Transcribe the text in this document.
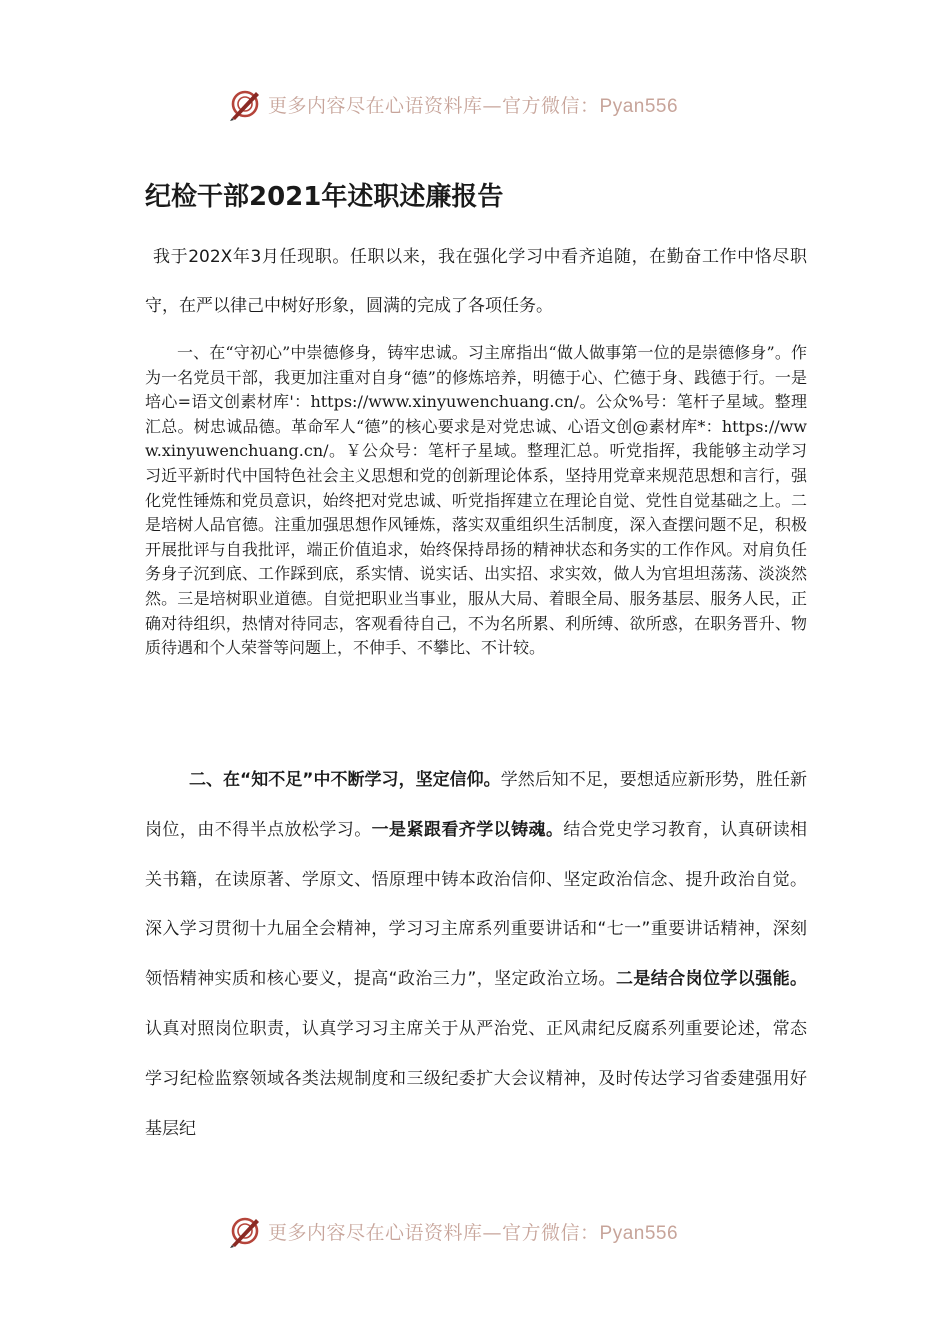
更多内容尽在心语资料库—官方微信：Pyan556
纪检干部2021年述职述廉报告

我于202X年3月任现职。任职以来，我在强化学习中看齐追随，在勤奋工作中恪尽职守，在严以律己中树好形象，圆满的完成了各项任务。

一、在“守初心”中崇德修身，铸牢忠诚。习主席指出“做人做事第一位的是崇德修身”。作为一名党员干部，我更加注重对自身“德”的修炼培养，明德于心、伫德于身、践德于行。一是培心=语文创素材库'：https://www.xinyuwenchuang.cn/。公众%号：笔杆子星域。整理汇总。树忠诚品德。革命军人“德”的核心要求是对党忠诚、心语文创@素材库*：https://www.xinyuwenchuang.cn/。￥公众号：笔杆子星域。整理汇总。听党指挥，我能够主动学习习近平新时代中国特色社会主义思想和党的创新理论体系，坚持用党章来规范思想和言行，强化党性锤炼和党员意识，始终把对党忠诚、听党指挥建立在理论自觉、党性自觉基础之上。二是培树人品官德。注重加强思想作风锤炼，落实双重组织生活制度，深入查摆问题不足，积极开展批评与自我批评，端正价值追求，始终保持昂扬的精神状态和务实的工作作风。对肩负任务身子沉到底、工作踩到底，系实情、说实话、出实招、求实效，做人为官坦坦荡荡、淡淡然然。三是培树职业道德。自觉把职业当事业，服从大局、着眼全局、服务基层、服务人民，正确对待组织，热情对待同志，客观看待自己，不为名所累、利所缚、欲所惑，在职务晋升、物质待遇和个人荣誉等问题上，不伸手、不攀比、不计较。

二、在“知不足”中不断学习，坚定信仰。学然后知不足，要想适应新形势，胜任新岗位，由不得半点放松学习。一是紧跟看齐学以铸魂。结合党史学习教育，认真研读相关书籍，在读原著、学原文、悟原理中铸本政治信仰、坚定政治信念、提升政治自觉。深入学习贯彻十九届全会精神，学习习主席系列重要讲话和“七一”重要讲话精神，深刻领悟精神实质和核心要义，提高“政治三力”，坚定政治立场。二是结合岗位学以强能。认真对照岗位职责，认真学习习主席关于从严治党、正风肃纪反腐系列重要论述，常态学习纪检监察领域各类法规制度和三级纪委扩大会议精神，及时传达学习省委建强用好基层纪

更多内容尽在心语资料库—官方微信：Pyan556
